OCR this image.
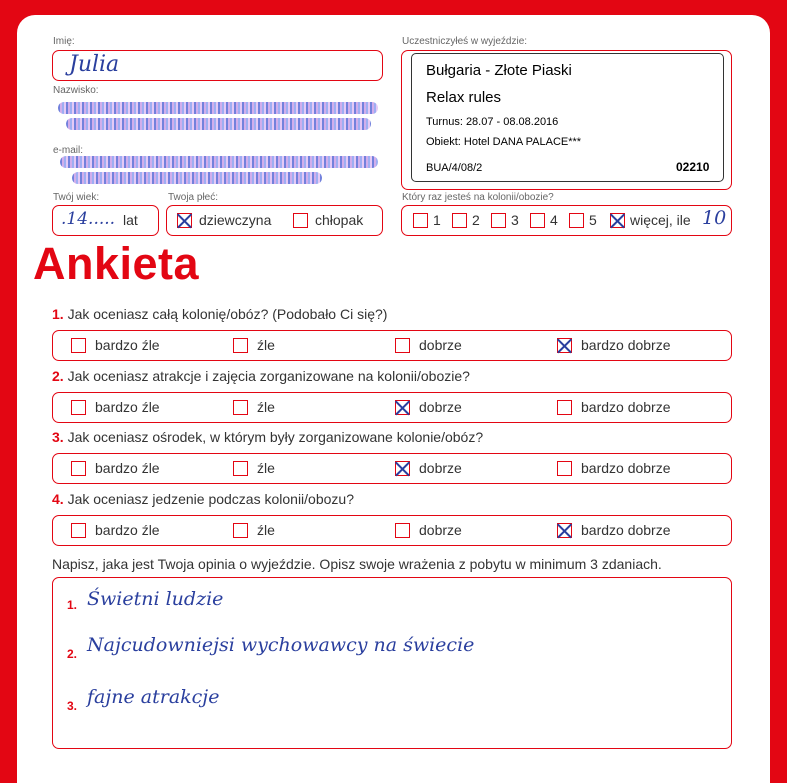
Imię:
Julia
Nazwisko:
e-mail:
Twój wiek:
.14..... lat
Twoja płeć:
dziewczyna	chłopak
Uczestniczyłeś w wyjeździe:
Bułgaria - Złote Piaski
Relax rules
Turnus: 28.07 - 08.08.2016
Obiekt: Hotel DANA PALACE***
BUA/4/08/2	02210
Który raz jesteś na kolonii/obozie?
1 2 3 4 5 więcej, ile 10
Ankieta
1. Jak oceniasz całą kolonię/obóz? (Podobało Ci się?)
bardzo źle	źle	dobrze	bardzo dobrze
2. Jak oceniasz atrakcje i zajęcia zorganizowane na kolonii/obozie?
bardzo źle	źle	dobrze	bardzo dobrze
3. Jak oceniasz ośrodek, w którym były zorganizowane kolonie/obóz?
bardzo źle	źle	dobrze	bardzo dobrze
4. Jak oceniasz jedzenie podczas kolonii/obozu?
bardzo źle	źle	dobrze	bardzo dobrze
Napisz, jaka jest Twoja opinia o wyjeździe. Opisz swoje wrażenia z pobytu w minimum 3 zdaniach.
1. Świetni ludzie
2. Najcudowniejsi wychowawcy na świecie
3. fajne atrakcje
